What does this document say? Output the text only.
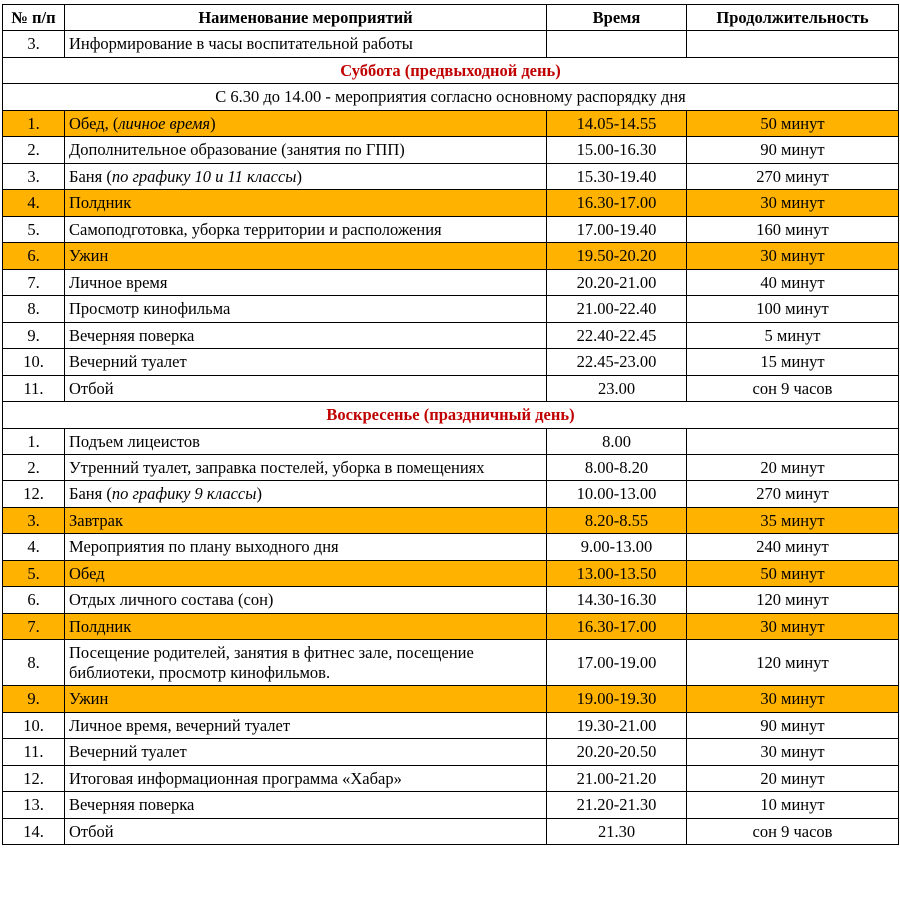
№ п/п	Наименование мероприятий	Время	Продолжительность
3.	Информирование в часы воспитательной работы		
Суббота (предвыходной день)			
С 6.30 до 14.00 - мероприятия согласно основному распорядку дня			
1.	Обед, (личное время)	14.05-14.55	50 минут
2.	Дополнительное образование (занятия по ГПП)	15.00-16.30	90 минут
3.	Баня (по графику 10 и 11 классы)	15.30-19.40	270 минут
4.	Полдник	16.30-17.00	30 минут
5.	Самоподготовка, уборка территории и расположения	17.00-19.40	160 минут
6.	Ужин	19.50-20.20	30 минут
7.	Личное время	20.20-21.00	40 минут
8.	Просмотр кинофильма	21.00-22.40	100 минут
9.	Вечерняя поверка	22.40-22.45	5 минут
10.	Вечерний туалет	22.45-23.00	15 минут
11.	Отбой	23.00	сон 9 часов
Воскресенье (праздничный день)			
1.	Подъем лицеистов	8.00	
2.	Утренний туалет, заправка постелей, уборка в помещениях	8.00-8.20	20 минут
12.	Баня (по графику 9 классы)	10.00-13.00	270 минут
3.	Завтрак	8.20-8.55	35 минут
4.	Мероприятия по плану выходного дня	9.00-13.00	240 минут
5.	Обед	13.00-13.50	50 минут
6.	Отдых личного состава (сон)	14.30-16.30	120 минут
7.	Полдник	16.30-17.00	30 минут
8.	Посещение родителей, занятия в фитнес зале, посещение библиотеки, просмотр кинофильмов.	17.00-19.00	120 минут
9.	Ужин	19.00-19.30	30 минут
10.	Личное время, вечерний туалет	19.30-21.00	90 минут
11.	Вечерний туалет	20.20-20.50	30 минут
12.	Итоговая информационная программа «Хабар»	21.00-21.20	20 минут
13.	Вечерняя поверка	21.20-21.30	10 минут
14.	Отбой	21.30	сон 9 часов
